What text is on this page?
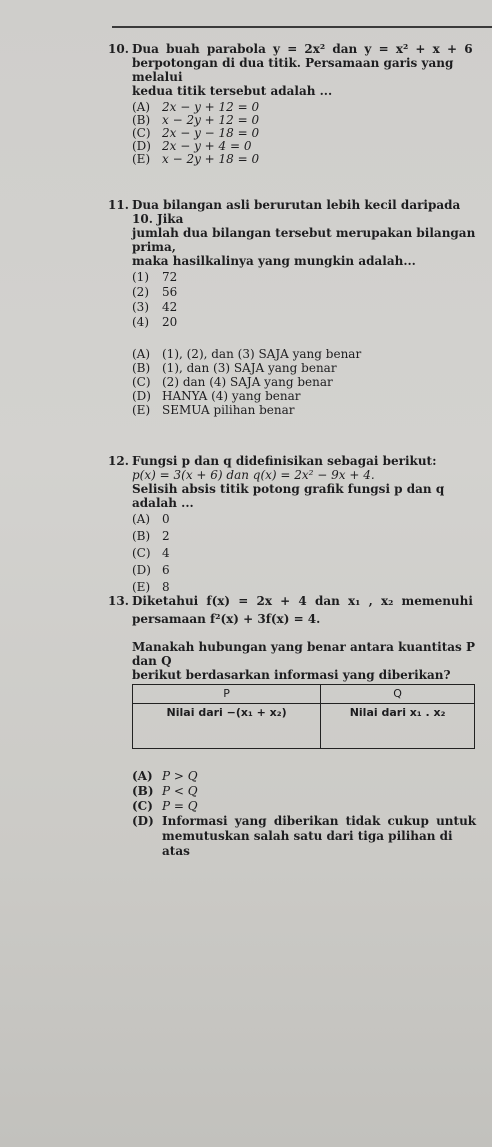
10. Dua buah parabola y = 2x² dan y = x² + x + 6
berpotongan di dua titik. Persamaan garis yang melalui
kedua titik tersebut adalah ...
(A) 2x − y + 12 = 0
(B) x − 2y + 12 = 0
(C) 2x − y − 18 = 0
(D) 2x − y + 4 = 0
(E) x − 2y + 18 = 0
11. Dua bilangan asli berurutan lebih kecil daripada 10. Jika
jumlah dua bilangan tersebut merupakan bilangan prima,
maka hasilkalinya yang mungkin adalah...
(1)	72
(2)	56
(3)	42
(4)	20
(A) (1), (2), dan (3) SAJA yang benar
(B) (1), dan (3) SAJA yang benar
(C) (2) dan (4) SAJA yang benar
(D) HANYA (4) yang benar
(E) SEMUA pilihan benar
12. Fungsi p dan q didefinisikan sebagai berikut:
p(x) = 3(x + 6) dan q(x) = 2x² − 9x + 4.
Selisih absis titik potong grafik fungsi p dan q adalah ...
(A) 0
(B) 2
(C) 4
(D) 6
(E) 8
13. Diketahui f(x) = 2x + 4 dan x₁ , x₂ memenuhi
persamaan f²(x) + 3f(x) = 4.
Manakah hubungan yang benar antara kuantitas P dan Q
berikut berdasarkan informasi yang diberikan?
P	Q
Nilai dari −(x₁ + x₂)	Nilai dari x₁ . x₂
(A) P > Q
(B) P < Q
(C) P = Q
(D) Informasi yang diberikan tidak cukup untuk
memutuskan salah satu dari tiga pilihan di atas
